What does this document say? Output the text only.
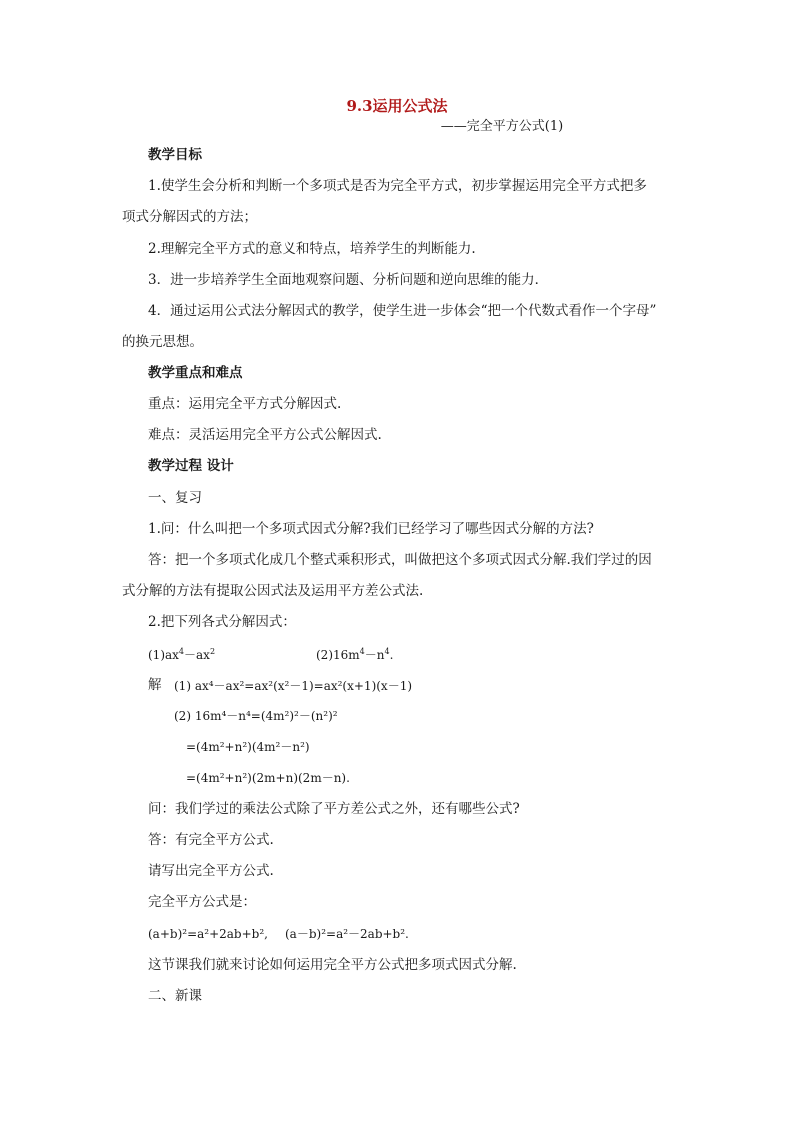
9.3运用公式法
——完全平方公式(1)
教学目标
1.使学生会分析和判断一个多项式是否为完全平方式，初步掌握运用完全平方式把多
项式分解因式的方法；
2.理解完全平方式的意义和特点，培养学生的判断能力.
3．进一步培养学生全面地观察问题、分析问题和逆向思维的能力．
4．通过运用公式法分解因式的教学，使学生进一步体会“把一个代数式看作一个字母”
的换元思想。
教学重点和难点
重点：运用完全平方式分解因式.
难点：灵活运用完全平方公式公解因式.
教学过程 设计
一、复习
1.问：什么叫把一个多项式因式分解?我们已经学习了哪些因式分解的方法?
答：把一个多项式化成几个整式乘积形式，叫做把这个多项式因式分解.我们学过的因
式分解的方法有提取公因式法及运用平方差公式法.
2.把下列各式分解因式：
$(1)ax^4-ax^2$	$(2)16m^4-n^4$.
解 (1) ax⁴－ax²=ax²(x²－1)=ax²(x+1)(x－1)
(2) 16m⁴－n⁴=(4m²)²－(n²)²
=(4m²+n²)(4m²－n²)
=(4m²+n²)(2m+n)(2m－n).
问：我们学过的乘法公式除了平方差公式之外，还有哪些公式?
答：有完全平方公式.
请写出完全平方公式.
完全平方公式是：
(a+b)²=a²+2ab+b², (a－b)²=a²－2ab+b².
这节课我们就来讨论如何运用完全平方公式把多项式因式分解.
二、新课
